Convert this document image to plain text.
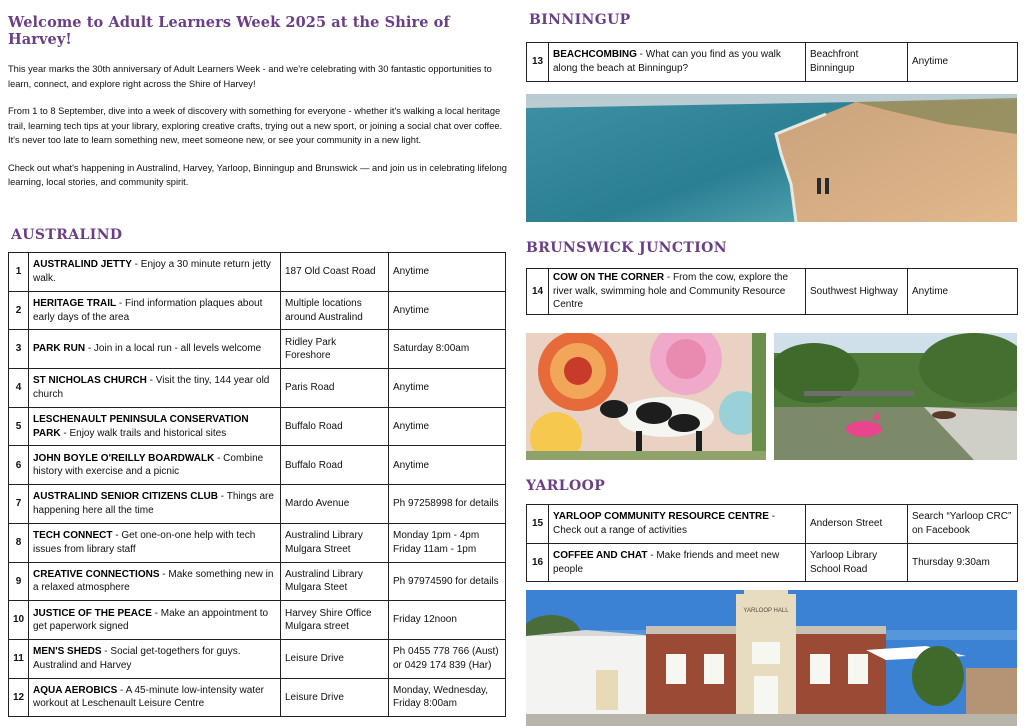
Welcome to Adult Learners Week 2025 at the Shire of Harvey!

This year marks the 30th anniversary of Adult Learners Week - and we're celebrating with 30 fantastic opportunities to learn, connect, and explore right across the Shire of Harvey!

From 1 to 8 September, dive into a week of discovery with something for everyone - whether it's walking a local heritage trail, learning tech tips at your library, exploring creative crafts, trying out a new sport, or joining a social chat over coffee. It's never too late to learn something new, meet someone new, or see your community in a new light.

Check out what's happening in Australind, Harvey, Yarloop, Binningup and Brunswick — and join us in celebrating lifelong learning, local stories, and community spirit.

AUSTRALIND
1	AUSTRALIND JETTY - Enjoy a 30 minute return jetty walk.	187 Old Coast Road	Anytime
2	HERITAGE TRAIL - Find information plaques about early days of the area	Multiple locations around Australind	Anytime
3	PARK RUN - Join in a local run - all levels welcome	Ridley Park Foreshore	Saturday 8:00am
4	ST NICHOLAS CHURCH - Visit the tiny, 144 year old church	Paris Road	Anytime
5	LESCHENAULT PENINSULA CONSERVATION PARK - Enjoy walk trails and historical sites	Buffalo Road	Anytime
6	JOHN BOYLE O'REILLY BOARDWALK - Combine history with exercise and a picnic	Buffalo Road	Anytime
7	AUSTRALIND SENIOR CITIZENS CLUB - Things are happening here all the time	Mardo Avenue	Ph 97258998 for details
8	TECH CONNECT - Get one-on-one help with tech issues from library staff	Australind Library Mulgara Street	Monday 1pm - 4pm Friday 11am - 1pm
9	CREATIVE CONNECTIONS - Make something new in a relaxed atmosphere	Australind Library Mulgara Steet	Ph 97974590 for details
10	JUSTICE OF THE PEACE - Make an appointment to get paperwork signed	Harvey Shire Office Mulgara street	Friday 12noon
11	MEN'S SHEDS - Social get-togethers for guys. Australind and Harvey	Leisure Drive	Ph 0455 778 766 (Aust) or 0429 174 839 (Har)
12	AQUA AEROBICS - A 45-minute low-intensity water workout at Leschenault Leisure Centre	Leisure Drive	Monday, Wednesday, Friday 8:00am
BINNINGUP
13	BEACHCOMBING - What can you find as you walk along the beach at Binningup?	Beachfront Binningup	Anytime
BRUNSWICK JUNCTION
14	COW ON THE CORNER - From the cow, explore the river walk, swimming hole and Community Resource Centre	Southwest Highway	Anytime
YARLOOP
15	YARLOOP COMMUNITY RESOURCE CENTRE - Check out a range of activities	Anderson Street	Search “Yarloop CRC” on Facebook
16	COFFEE AND CHAT - Make friends and meet new people	Yarloop Library School Road	Thursday 9:30am
YARLOOP HALL
